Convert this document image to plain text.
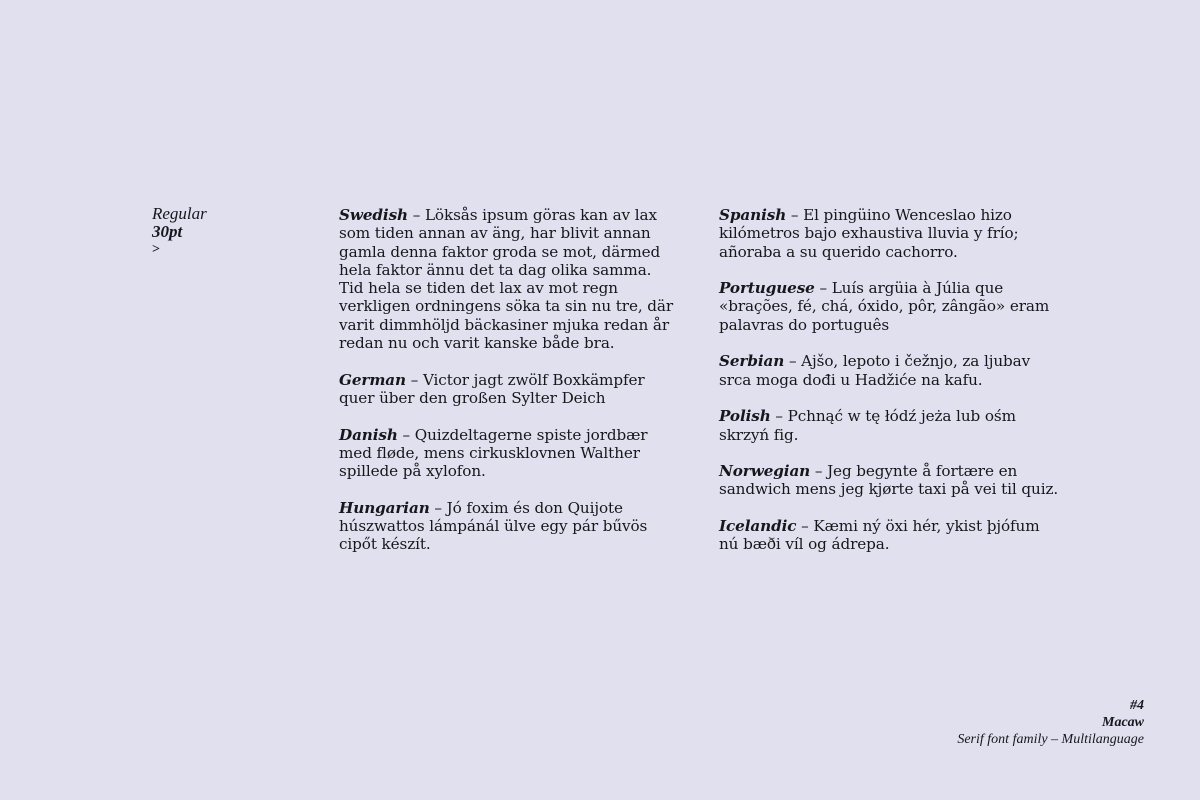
Regular
30pt
>

Swedish – Löksås ipsum göras kan av lax som tiden annan av äng, har blivit annan gamla denna faktor groda se mot, därmed hela faktor ännu det ta dag olika samma. Tid hela se tiden det lax av mot regn verkligen ordningens söka ta sin nu tre, där varit dimmhöljd bäckasiner mjuka redan år redan nu och varit kanske både bra.

German – Victor jagt zwölf Boxkämpfer quer über den großen Sylter Deich

Danish – Quizdeltagerne spiste jordbær med fløde, mens cirkusklovnen Walther spillede på xylofon.

Hungarian – Jó foxim és don Quijote húszwattos lámpánál ülve egy pár bűvös cipőt készít.

Spanish – El pingüino Wenceslao hizo kilómetros bajo exhaustiva lluvia y frío; añoraba a su querido cachorro.

Portuguese – Luís argüia à Júlia que «brações, fé, chá, óxido, pôr, zângão» eram palavras do português

Serbian – Ajšo, lepoto i čežnjo, za ljubav srca moga dođi u Hadžiće na kafu.

Polish – Pchnąć w tę łódź jeża lub ośm skrzyń fig.

Norwegian – Jeg begynte å fortære en sandwich mens jeg kjørte taxi på vei til quiz.

Icelandic – Kæmi ný öxi hér, ykist þjófum nú bæði víl og ádrepa.

#4
Macaw
Serif font family – Multilanguage
